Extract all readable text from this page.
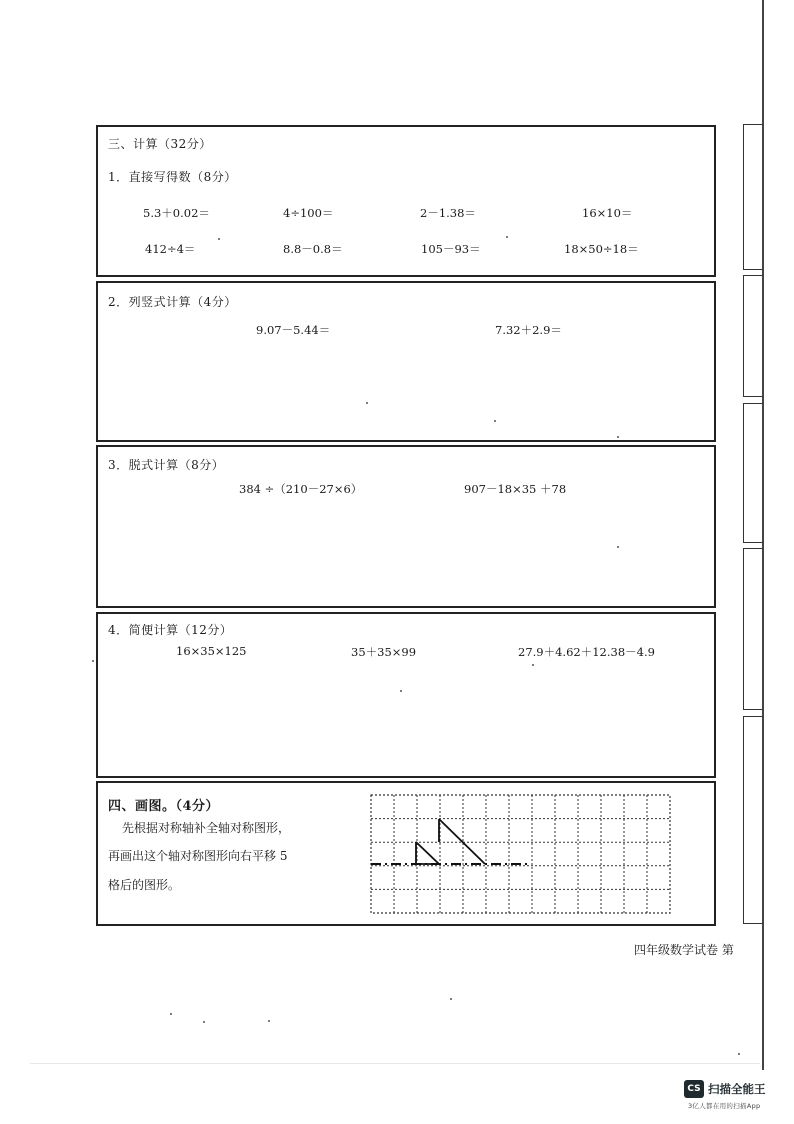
三、计算（32分）
1．直接写得数（8分）
5.3＋0.02＝	4÷100＝	2－1.38＝	16×10＝
412÷4＝	8.8－0.8＝	105－93＝	18×50÷18＝
2．列竖式计算（4分）
9.07－5.44＝	7.32＋2.9＝
3．脱式计算（8分）
384 ÷（210－27×6）	907－18×35 ＋78
4．简便计算（12分）
16×35×125	35＋35×99	27.9＋4.62＋12.38－4.9
四、画图。（4分）
先根据对称轴补全轴对称图形，
再画出这个轴对称图形向右平移 5
格后的图形。
四年级数学试卷 第
CS 扫描全能王
3亿人都在用的扫描App
